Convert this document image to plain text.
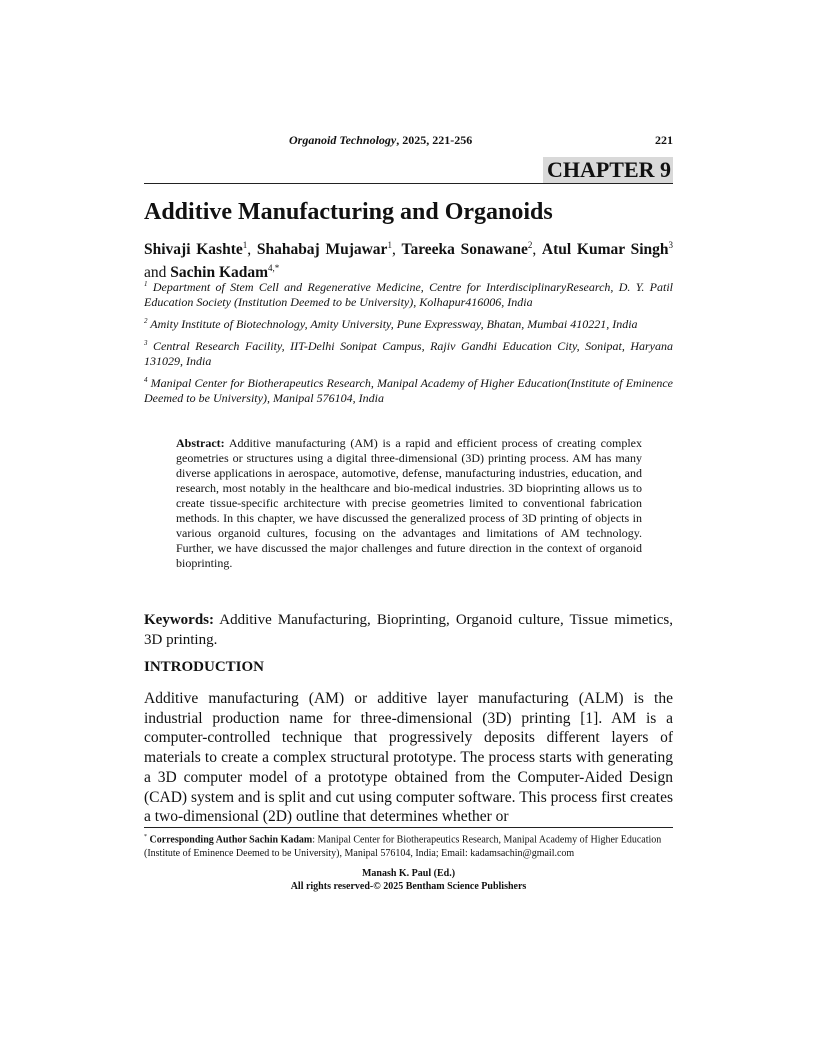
Organoid Technology, 2025, 221-256	221
CHAPTER 9
Additive Manufacturing and Organoids
Shivaji Kashte$^1$, Shahabaj Mujawar$^1$, Tareeka Sonawane$^2$, Atul Kumar Singh$^3$ and Sachin Kadam$^{4,*}$

$^1$ Department of Stem Cell and Regenerative Medicine, Centre for InterdisciplinaryResearch, D. Y. Patil Education Society (Institution Deemed to be University), Kolhapur416006, India

$^2$ Amity Institute of Biotechnology, Amity University, Pune Expressway, Bhatan, Mumbai 410221, India

$^3$ Central Research Facility, IIT-Delhi Sonipat Campus, Rajiv Gandhi Education City, Sonipat, Haryana 131029, India

$^4$ Manipal Center for Biotherapeutics Research, Manipal Academy of Higher Education(Institute of Eminence Deemed to be University), Manipal 576104, India

Abstract: Additive manufacturing (AM) is a rapid and efficient process of creating complex geometries or structures using a digital three-dimensional (3D) printing process. AM has many diverse applications in aerospace, automotive, defense, manufacturing industries, education, and research, most notably in the healthcare and bio-medical industries. 3D bioprinting allows us to create tissue-specific architecture with precise geometries limited to conventional fabrication methods. In this chapter, we have discussed the generalized process of 3D printing of objects in various organoid cultures, focusing on the advantages and limitations of AM technology. Further, we have discussed the major challenges and future direction in the context of organoid bioprinting.
Keywords: Additive Manufacturing, Bioprinting, Organoid culture, Tissue mimetics, 3D printing.
INTRODUCTION
Additive manufacturing (AM) or additive layer manufacturing (ALM) is the industrial production name for three-dimensional (3D) printing [1]. AM is a computer-controlled technique that progressively deposits different layers of materials to create a complex structural prototype. The process starts with generating a 3D computer model of a prototype obtained from the Computer-Aided Design (CAD) system and is split and cut using computer software. This process first creates a two-dimensional (2D) outline that determines whether or
* Corresponding Author Sachin Kadam: Manipal Center for Biotherapeutics Research, Manipal Academy of Higher Education (Institute of Eminence Deemed to be University), Manipal 576104, India; Email: kadamsachin@gmail.com
Manash K. Paul (Ed.)
All rights reserved-© 2025 Bentham Science Publishers
